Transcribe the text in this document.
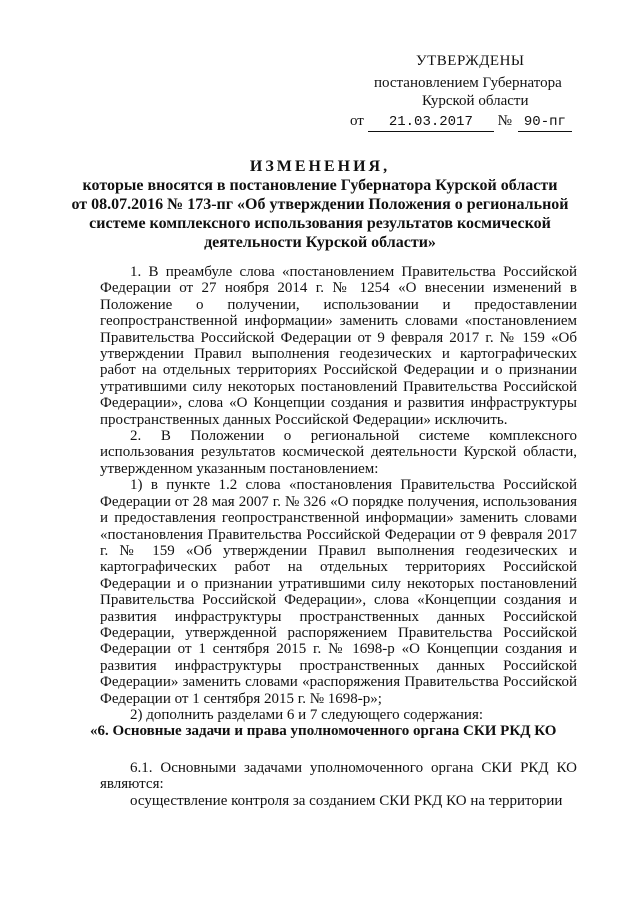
УТВЕРЖДЕНЫ
постановлением Губернатора
Курской области
от 21.03.2017 № 90-пг
ИЗМЕНЕНИЯ,
которые вносятся в постановление Губернатора Курской области
от 08.07.2016 № 173-пг «Об утверждении Положения о региональной
системе комплексного использования результатов космической
деятельности Курской области»

1. В преамбуле слова «постановлением Правительства Российской Федерации от 27 ноября 2014 г. № 1254 «О внесении изменений в Положение о получении, использовании и предоставлении геопространственной информации» заменить словами «постановлением Правительства Российской Федерации от 9 февраля 2017 г. № 159 «Об утверждении Правил выполнения геодезических и картографических работ на отдельных территориях Российской Федерации и о признании утратившими силу некоторых постановлений Правительства Российской Федерации», слова «О Концепции создания и развития инфраструктуры пространственных данных Российской Федерации» исключить.

2. В Положении о региональной системе комплексного использования результатов космической деятельности Курской области, утвержденном указанным постановлением:

1) в пункте 1.2 слова «постановления Правительства Российской Федерации от 28 мая 2007 г. № 326 «О порядке получения, использования и предоставления геопространственной информации» заменить словами «постановления Правительства Российской Федерации от 9 февраля 2017 г. № 159 «Об утверждении Правил выполнения геодезических и картографических работ на отдельных территориях Российской Федерации и о признании утратившими силу некоторых постановлений Правительства Российской Федерации», слова «Концепции создания и развития инфраструктуры пространственных данных Российской Федерации, утвержденной распоряжением Правительства Российской Федерации от 1 сентября 2015 г. № 1698-р «О Концепции создания и развития инфраструктуры пространственных данных Российской Федерации» заменить словами «распоряжения Правительства Российской Федерации от 1 сентября 2015 г. № 1698-р»;

2) дополнить разделами 6 и 7 следующего содержания:

«6. Основные задачи и права уполномоченного органа СКИ РКД КО

6.1. Основными задачами уполномоченного органа СКИ РКД КО являются:

осуществление контроля за созданием СКИ РКД КО на территории
